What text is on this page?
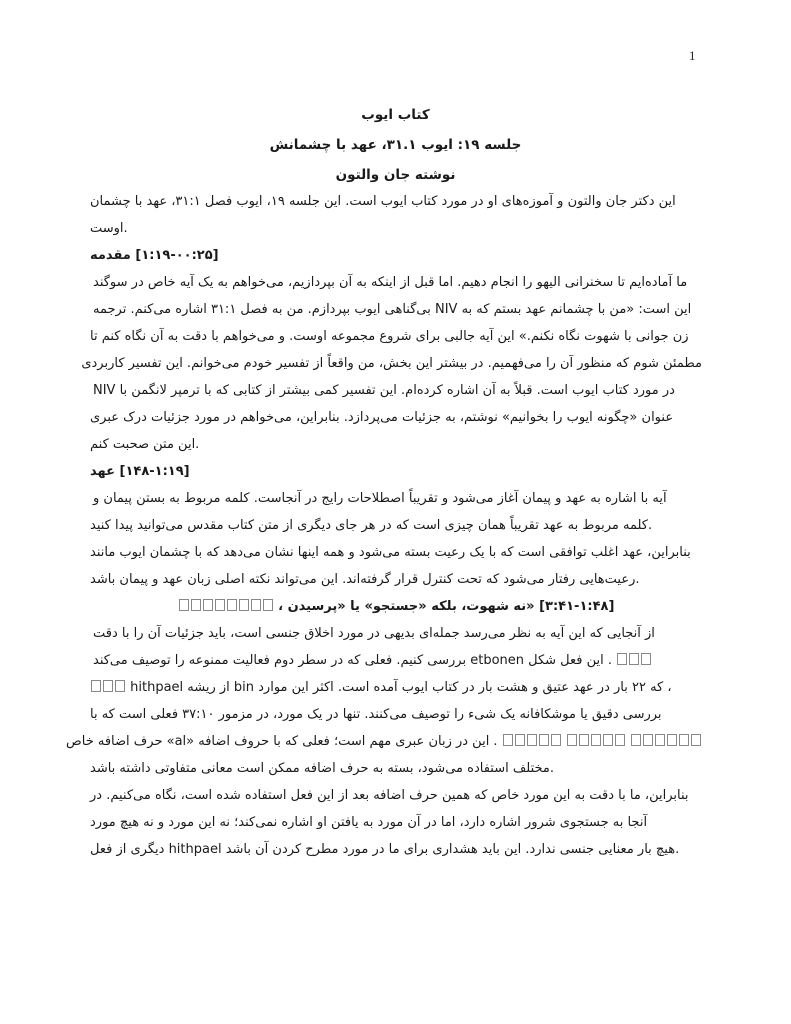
1
کتاب ایوب
جلسه ۱۹: ایوب ۳۱.۱، عهد با چشمانش
نوشته جان والتون
این دکتر جان والتون و آموزه‌های او در مورد کتاب ایوب است. این جلسه ۱۹، ایوب فصل ۳۱:۱، عهد با چشمان
.اوست
مقدمه [۱:۱۹-۰۰:۲۵]
ما آماده‌ایم تا سخنرانی الیهو را انجام دهیم. اما قبل از اینکه به آن بپردازیم، می‌خواهم به یک آیه خاص در سوگند
این است: «من با چشمانم عهد بستم که به NIV بی‌گناهی ایوب بپردازم. من به فصل ۳۱:۱ اشاره می‌کنم. ترجمه
زن جوانی با شهوت نگاه نکنم.» این آیه جالبی برای شروع مجموعه اوست. و می‌خواهم با دقت به آن نگاه کنم تا
مطمئن شوم که منظور آن را می‌فهمیم. در بیشتر این بخش، من واقعاً از تفسیر خودم می‌خوانم. این تفسیر کاربردی
در مورد کتاب ایوب است. قبلاً به آن اشاره کرده‌ام. این تفسیر کمی بیشتر از کتابی که با ترمپر لانگمن با NIV
عنوان «چگونه ایوب را بخوانیم» نوشتم، به جزئیات می‌پردازد. بنابراین، می‌خواهم در مورد جزئیات درک عبری
.این متن صحبت کنم
عهد [۱۴۸-۱:۱۹]
آیه با اشاره به عهد و پیمان آغاز می‌شود و تقریباً اصطلاحات رایج در آنجاست. کلمه مربوط به بستن پیمان و
.کلمه مربوط به عهد تقریباً همان چیزی است که در هر جای دیگری از متن کتاب مقدس می‌توانید پیدا کنید
بنابراین، عهد اغلب توافقی است که با یک رعیت بسته می‌شود و همه اینها نشان می‌دهد که با چشمان ایوب مانند
.رعیت‌هایی رفتار می‌شود که تحت کنترل قرار گرفته‌اند. این می‌تواند نکته اصلی زبان عهد و پیمان باشد
، نه شهوت، بلکه «جستجو» یا «پرسیدن» [۳:۴۱-۱:۴۸]
از آنجایی که این آیه به نظر می‌رسد جمله‌ای بدیهی در مورد اخلاق جنسی است، باید جزئیات آن را با دقت
. این فعل شکل etbonen بررسی کنیم. فعلی که در سطر دوم فعالیت ممنوعه را توصیف می‌کند
، که ۲۲ بار در عهد عتیق و هشت بار در کتاب ایوب آمده است. اکثر این موارد bin از ریشه hithpael
بررسی دقیق یا موشکافانه یک شیء را توصیف می‌کنند. تنها در یک مورد، در مزمور ۳۷:۱۰ فعلی است که با
. این در زبان عبری مهم است؛ فعلی که با حروف اضافه «al» حرف اضافه خاص
.مختلف استفاده می‌شود، بسته به حرف اضافه ممکن است معانی متفاوتی داشته باشد
بنابراین، ما با دقت به این مورد خاص که همین حرف اضافه بعد از این فعل استفاده شده است، نگاه می‌کنیم. در
آنجا به جستجوی شرور اشاره دارد، اما در آن مورد به یافتن او اشاره نمی‌کند؛ نه این مورد و نه هیچ مورد
.هیچ بار معنایی جنسی ندارد. این باید هشداری برای ما در مورد مطرح کردن آن باشد hithpael دیگری از فعل
